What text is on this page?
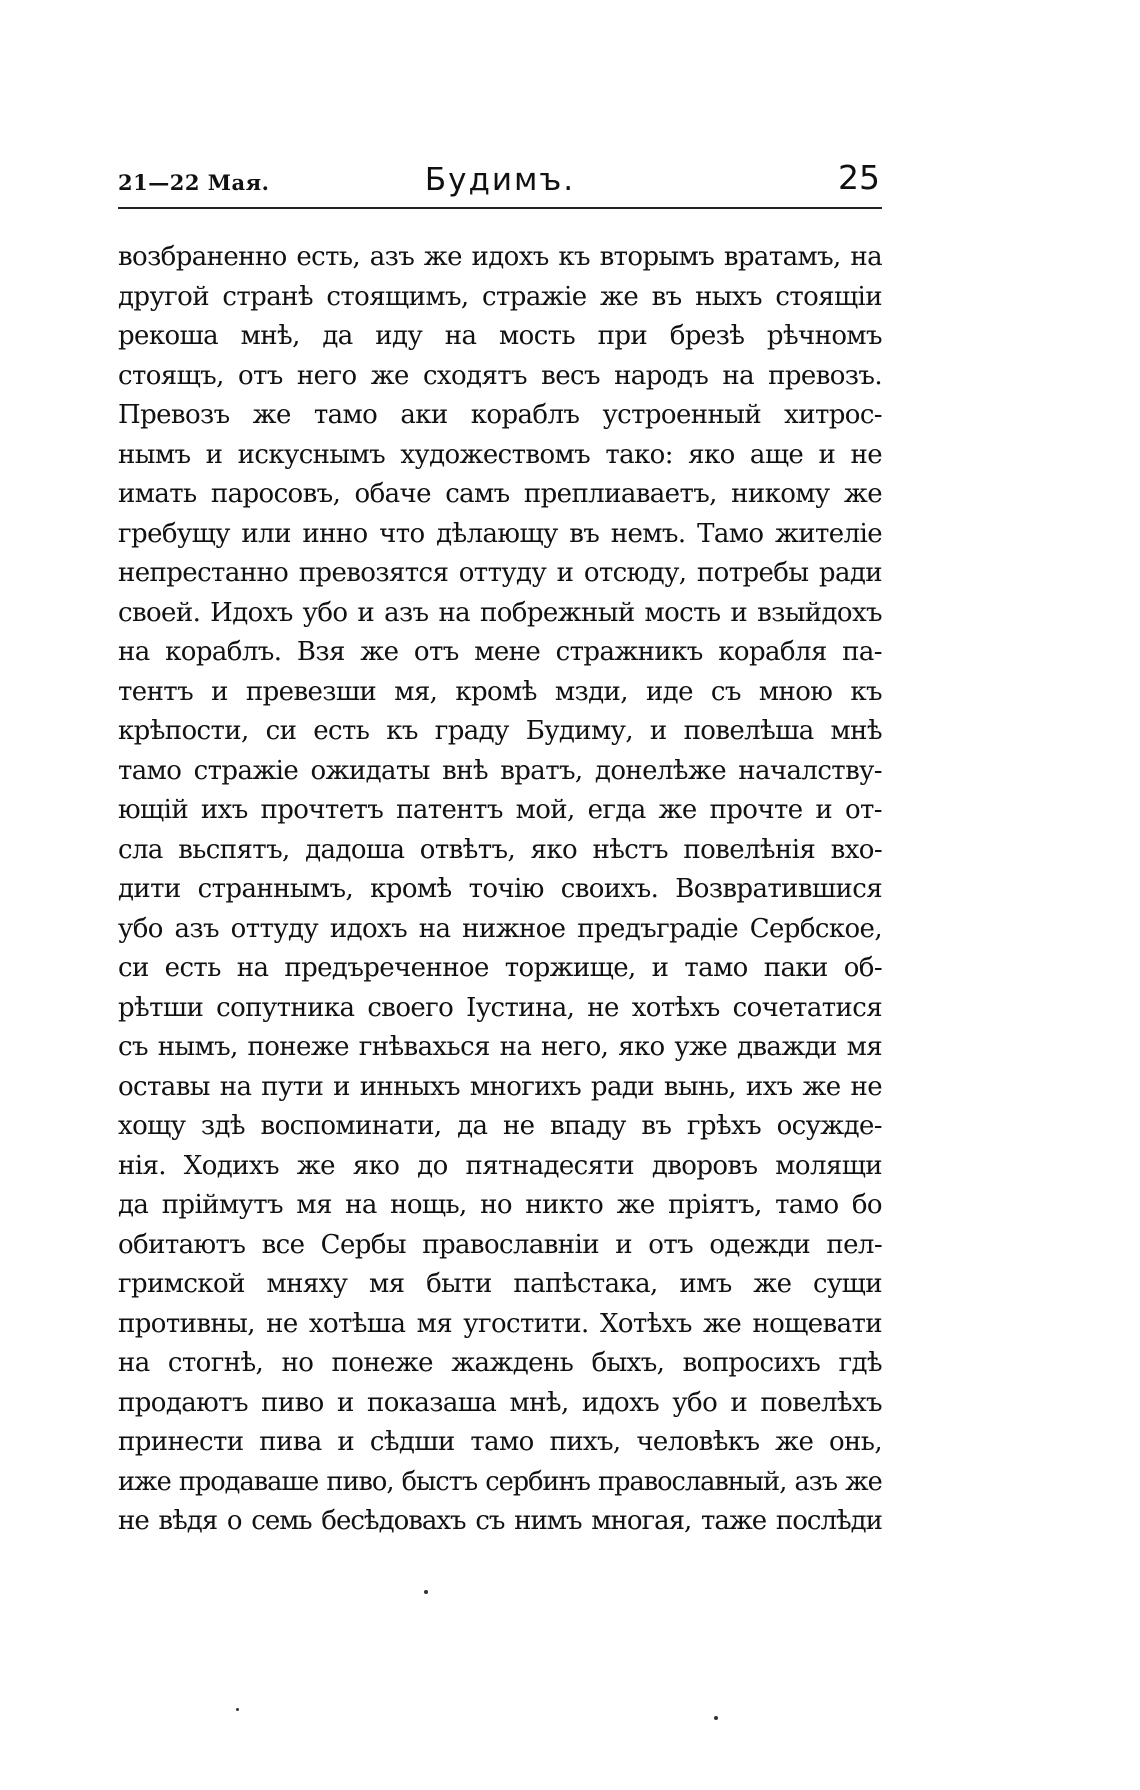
21—22 Мая.	Будимъ.	25
возбраненно есть, азъ же идохъ къ вторымъ вратамъ, на
другой странѣ стоящимъ, стражіе же въ ныхъ стоящіи
рекоша мнѣ, да иду на мость при брезѣ рѣчномъ
стоящъ, отъ него же сходятъ весъ народъ на превозъ.
Превозъ же тамо аки кораблъ устроенный хитрос-
нымъ и искуснымъ художествомъ тако: яко аще и не
имать паросовъ, обаче самъ преплиаваетъ, никому же
гребущу или инно что дѣлающу въ немъ. Тамо жителіе
непрестанно превозятся оттуду и отсюду, потребы ради
своей. Идохъ убо и азъ на побрежный мость и взыйдохъ
на кораблъ. Взя же отъ мене стражникъ корабля па-
тентъ и превезши мя, кромѣ мзди, иде съ мною къ
крѣпости, си есть къ граду Будиму, и повелѣша мнѣ
тамо стражіе ожидаты внѣ вратъ, донелѣже началству-
ющій ихъ прочтетъ патентъ мой, егда же прочте и от-
сла вьспятъ, дадоша отвѣтъ, яко нѣстъ повелѣнія вхо-
дити страннымъ, кромѣ точію своихъ. Возвратившися
убо азъ оттуду идохъ на нижное предъградіе Сербское,
си есть на предъреченное торжище, и тамо паки об-
рѣтши сопутника своего Іустина, не хотѣхъ сочетатися
съ нымъ, понеже гнѣвахься на него, яко уже дважди мя
оставы на пути и инныхъ многихъ ради вынь, ихъ же не
хощу здѣ воспоминати, да не впаду въ грѣхъ осужде-
нія. Ходихъ же яко до пятнадесяти дворовъ молящи
да пріймутъ мя на нощь, но никто же пріятъ, тамо бо
обитаютъ все Сербы православніи и отъ одежди пел-
гримской мняху мя быти папѣстака, имъ же сущи
противны, не хотѣша мя угостити. Хотѣхъ же нощевати
на стогнѣ, но понеже жаждень быхъ, вопросихъ гдѣ
продаютъ пиво и показаша мнѣ, идохъ убо и повелѣхъ
принести пива и сѣдши тамо пихъ, человѣкъ же онь,
иже продаваше пиво, быстъ сербинъ православный, азъ же
не вѣдя о семь бесѣдовахъ съ нимъ многая, таже послѣди
